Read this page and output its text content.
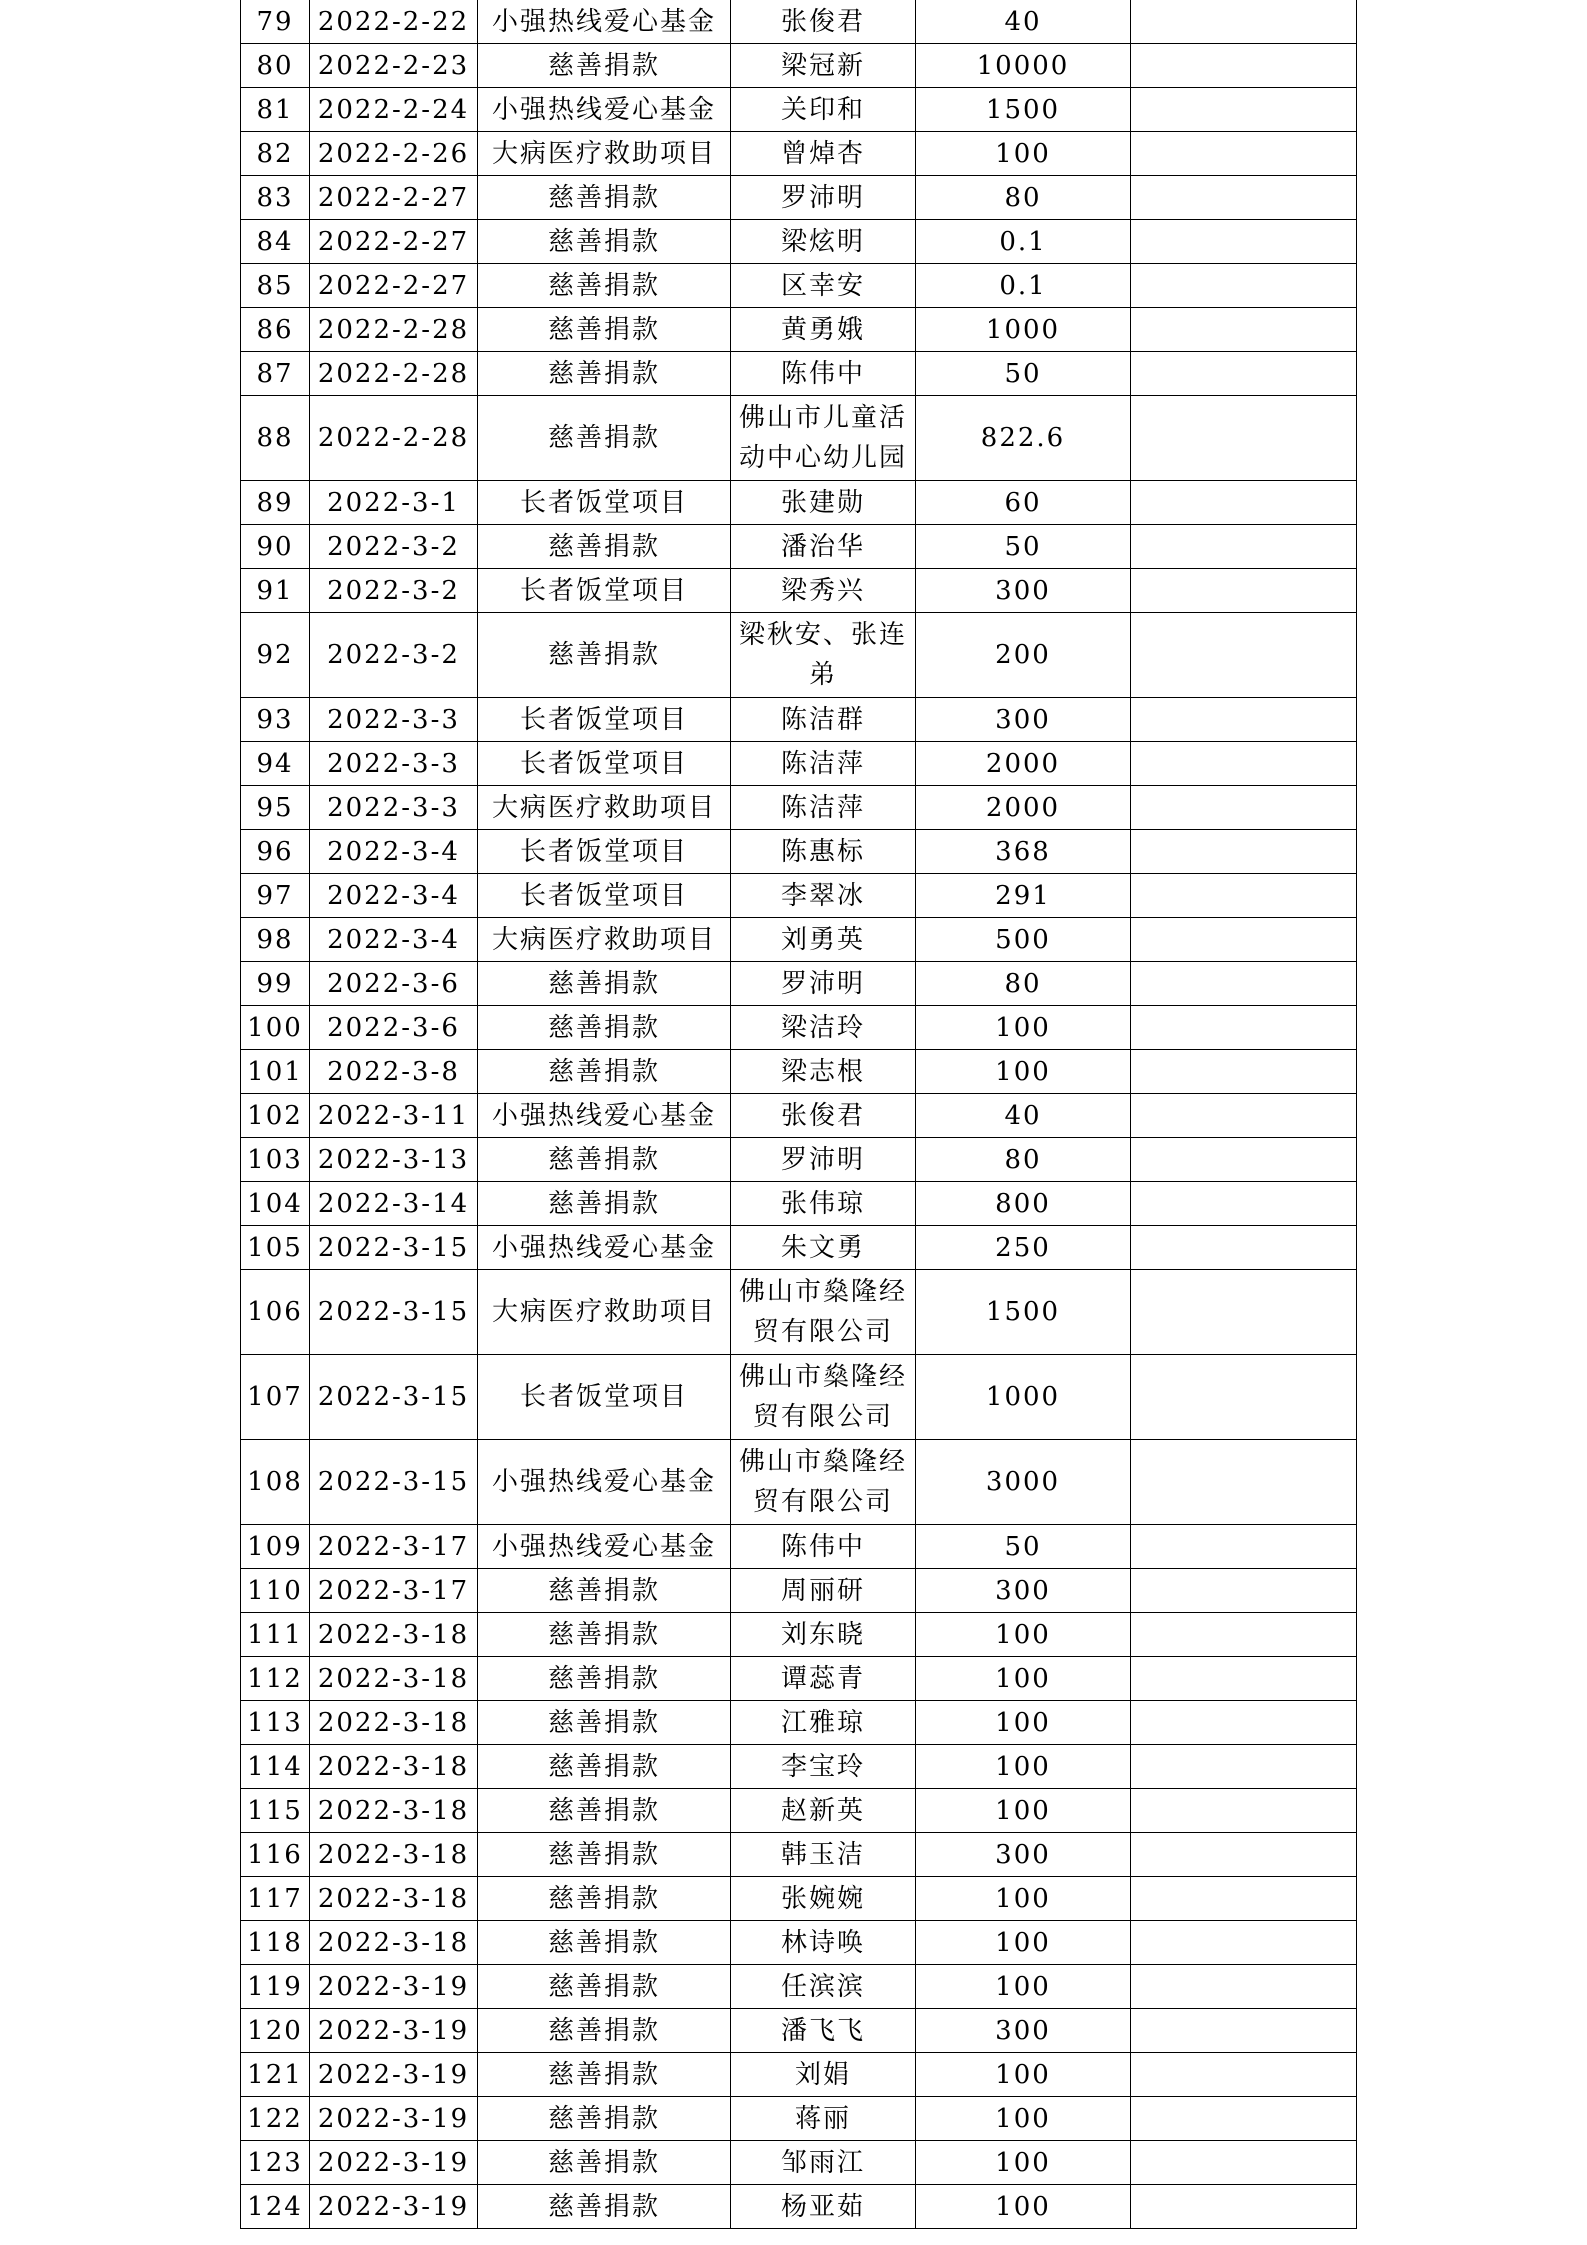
79	2022-2-22	小强热线爱心基金	张俊君	40	
80	2022-2-23	慈善捐款	梁冠新	10000	
81	2022-2-24	小强热线爱心基金	关印和	1500	
82	2022-2-26	大病医疗救助项目	曾焯杏	100	
83	2022-2-27	慈善捐款	罗沛明	80	
84	2022-2-27	慈善捐款	梁炫明	0.1	
85	2022-2-27	慈善捐款	区幸安	0.1	
86	2022-2-28	慈善捐款	黄勇娥	1000	
87	2022-2-28	慈善捐款	陈伟中	50	
88	2022-2-28	慈善捐款	佛山市儿童活动中心幼儿园	822.6	
89	2022-3-1	长者饭堂项目	张建勋	60	
90	2022-3-2	慈善捐款	潘治华	50	
91	2022-3-2	长者饭堂项目	梁秀兴	300	
92	2022-3-2	慈善捐款	梁秋安、张连弟	200	
93	2022-3-3	长者饭堂项目	陈洁群	300	
94	2022-3-3	长者饭堂项目	陈洁萍	2000	
95	2022-3-3	大病医疗救助项目	陈洁萍	2000	
96	2022-3-4	长者饭堂项目	陈惠标	368	
97	2022-3-4	长者饭堂项目	李翠冰	291	
98	2022-3-4	大病医疗救助项目	刘勇英	500	
99	2022-3-6	慈善捐款	罗沛明	80	
100	2022-3-6	慈善捐款	梁洁玲	100	
101	2022-3-8	慈善捐款	梁志根	100	
102	2022-3-11	小强热线爱心基金	张俊君	40	
103	2022-3-13	慈善捐款	罗沛明	80	
104	2022-3-14	慈善捐款	张伟琼	800	
105	2022-3-15	小强热线爱心基金	朱文勇	250	
106	2022-3-15	大病医疗救助项目	佛山市燊隆经贸有限公司	1500	
107	2022-3-15	长者饭堂项目	佛山市燊隆经贸有限公司	1000	
108	2022-3-15	小强热线爱心基金	佛山市燊隆经贸有限公司	3000	
109	2022-3-17	小强热线爱心基金	陈伟中	50	
110	2022-3-17	慈善捐款	周丽研	300	
111	2022-3-18	慈善捐款	刘东晓	100	
112	2022-3-18	慈善捐款	谭蕊青	100	
113	2022-3-18	慈善捐款	江雅琼	100	
114	2022-3-18	慈善捐款	李宝玲	100	
115	2022-3-18	慈善捐款	赵新英	100	
116	2022-3-18	慈善捐款	韩玉洁	300	
117	2022-3-18	慈善捐款	张婉婉	100	
118	2022-3-18	慈善捐款	林诗唤	100	
119	2022-3-19	慈善捐款	任滨滨	100	
120	2022-3-19	慈善捐款	潘飞飞	300	
121	2022-3-19	慈善捐款	刘娟	100	
122	2022-3-19	慈善捐款	蒋丽	100	
123	2022-3-19	慈善捐款	邹雨江	100	
124	2022-3-19	慈善捐款	杨亚茹	100	
